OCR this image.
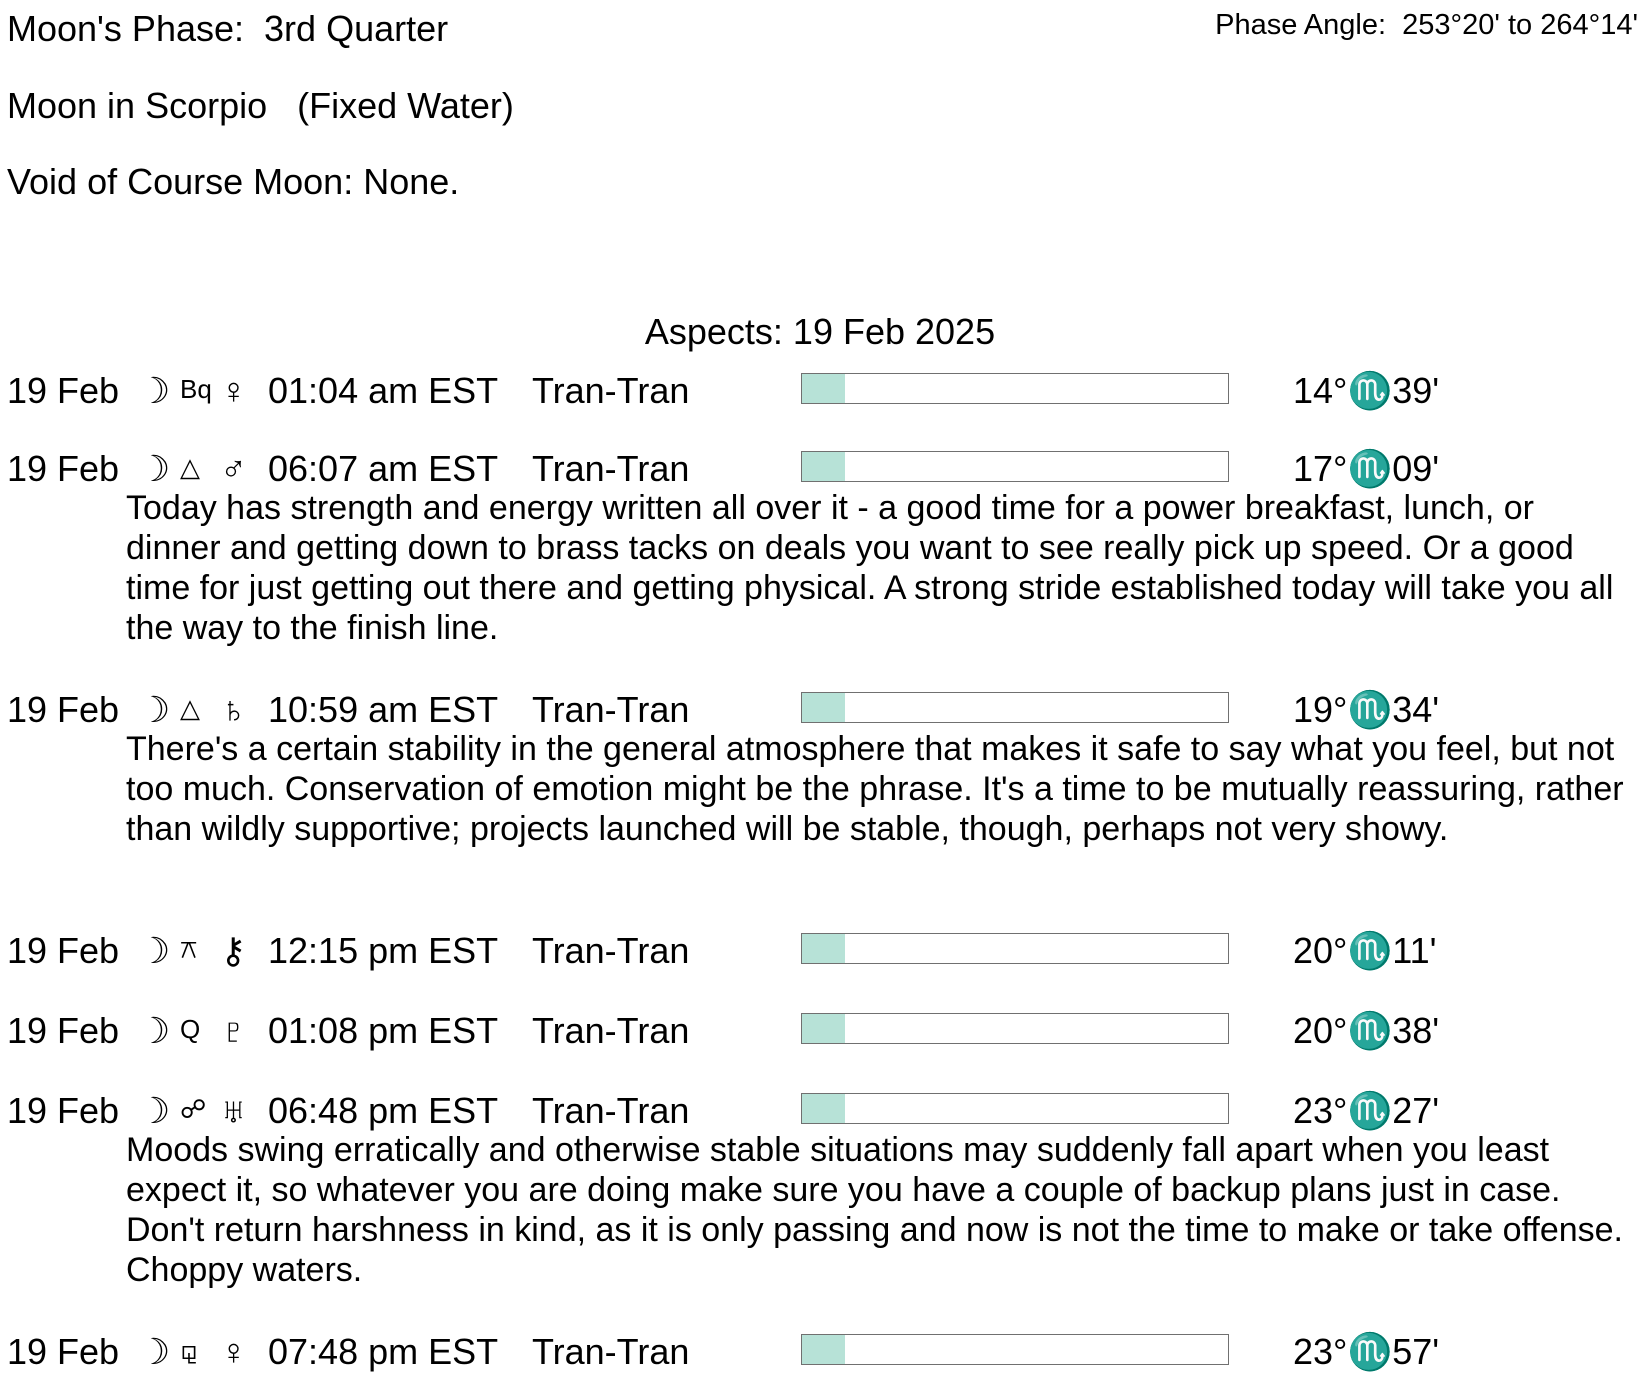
Moon's Phase: 3rd Quarter	Phase Angle:  253°20' to 264°14'
Moon in Scorpio (Fixed Water)
Void of Course Moon: None.
Aspects: 19 Feb 2025
19 Feb ☽ Bq ♀ 01:04 am EST Tran-Tran	14°♏39'
19 Feb ☽ △ ♂ 06:07 am EST Tran-Tran	17°♏09'

Today has strength and energy written all over it - a good time for a power breakfast, lunch, or dinner and getting down to brass tacks on deals you want to see really pick up speed. Or a good time for just getting out there and getting physical. A strong stride established today will take you all the way to the finish line.

19 Feb ☽ △ ♄ 10:59 am EST Tran-Tran	19°♏34'

There's a certain stability in the general atmosphere that makes it safe to say what you feel, but not too much. Conservation of emotion might be the phrase. It's a time to be mutually reassuring, rather than wildly supportive; projects launched will be stable, though, perhaps not very showy.

19 Feb ☽ ⚻ ⚷ 12:15 pm EST Tran-Tran	20°♏11'
19 Feb ☽ Q ♇ 01:08 pm EST Tran-Tran	20°♏38'
19 Feb ☽ ☍ ♅ 06:48 pm EST Tran-Tran	23°♏27'

Moods swing erratically and otherwise stable situations may suddenly fall apart when you least expect it, so whatever you are doing make sure you have a couple of backup plans just in case. Don't return harshness in kind, as it is only passing and now is not the time to make or take offense. Choppy waters.

19 Feb ☽ ⚼ ♀ 07:48 pm EST Tran-Tran	23°♏57'
